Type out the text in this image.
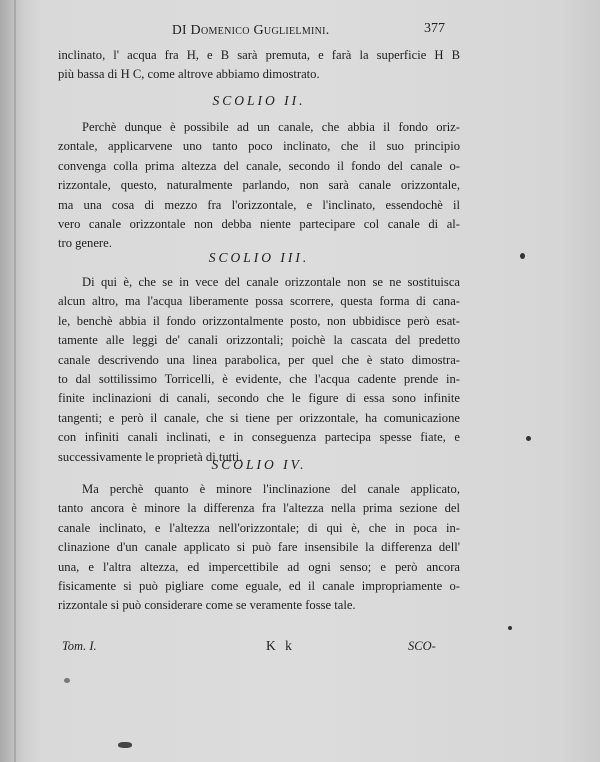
DI Domenico Guglielmini.	377
inclinato, l' acqua fra H, e B sarà premuta, e farà la superficie H B
più bassa di H C, come altrove abbiamo dimostrato.
SCOLIO II.
Perchè dunque è possibile ad un canale, che abbia il fondo oriz-
zontale, applicarvene uno tanto poco inclinato, che il suo principio
convenga colla prima altezza del canale, secondo il fondo del canale o-
rizzontale, questo, naturalmente parlando, non sarà canale orizzontale,
ma una cosa di mezzo fra l'orizzontale, e l'inclinato, essendochè il
vero canale orizzontale non debba niente partecipare col canale di al-
tro genere.
SCOLIO III.
Di qui è, che se in vece del canale orizzontale non se ne sostituisca
alcun altro, ma l'acqua liberamente possa scorrere, questa forma di cana-
le, benchè abbia il fondo orizzontalmente posto, non ubbidisce però esat-
tamente alle leggi de' canali orizzontali; poichè la cascata del predetto
canale descrivendo una linea parabolica, per quel che è stato dimostra-
to dal sottilissimo Torricelli, è evidente, che l'acqua cadente prende in-
finite inclinazioni di canali, secondo che le figure di essa sono infinite
tangenti; e però il canale, che si tiene per orizzontale, ha comunicazione
con infiniti canali inclinati, e in conseguenza partecipa spesse fiate, e
successivamente le proprietà di tutti.
SCOLIO IV.
Ma perchè quanto è minore l'inclinazione del canale applicato,
tanto ancora è minore la differenza fra l'altezza nella prima sezione del
canale inclinato, e l'altezza nell'orizzontale; di qui è, che in poca in-
clinazione d'un canale applicato si può fare insensibile la differenza dell'
una, e l'altra altezza, ed impercettibile ad ogni senso; e però ancora
fisicamente si può pigliare come eguale, ed il canale impropriamente o-
rizzontale si può considerare come se veramente fosse tale.
Tom. I.	K k	SCO-
